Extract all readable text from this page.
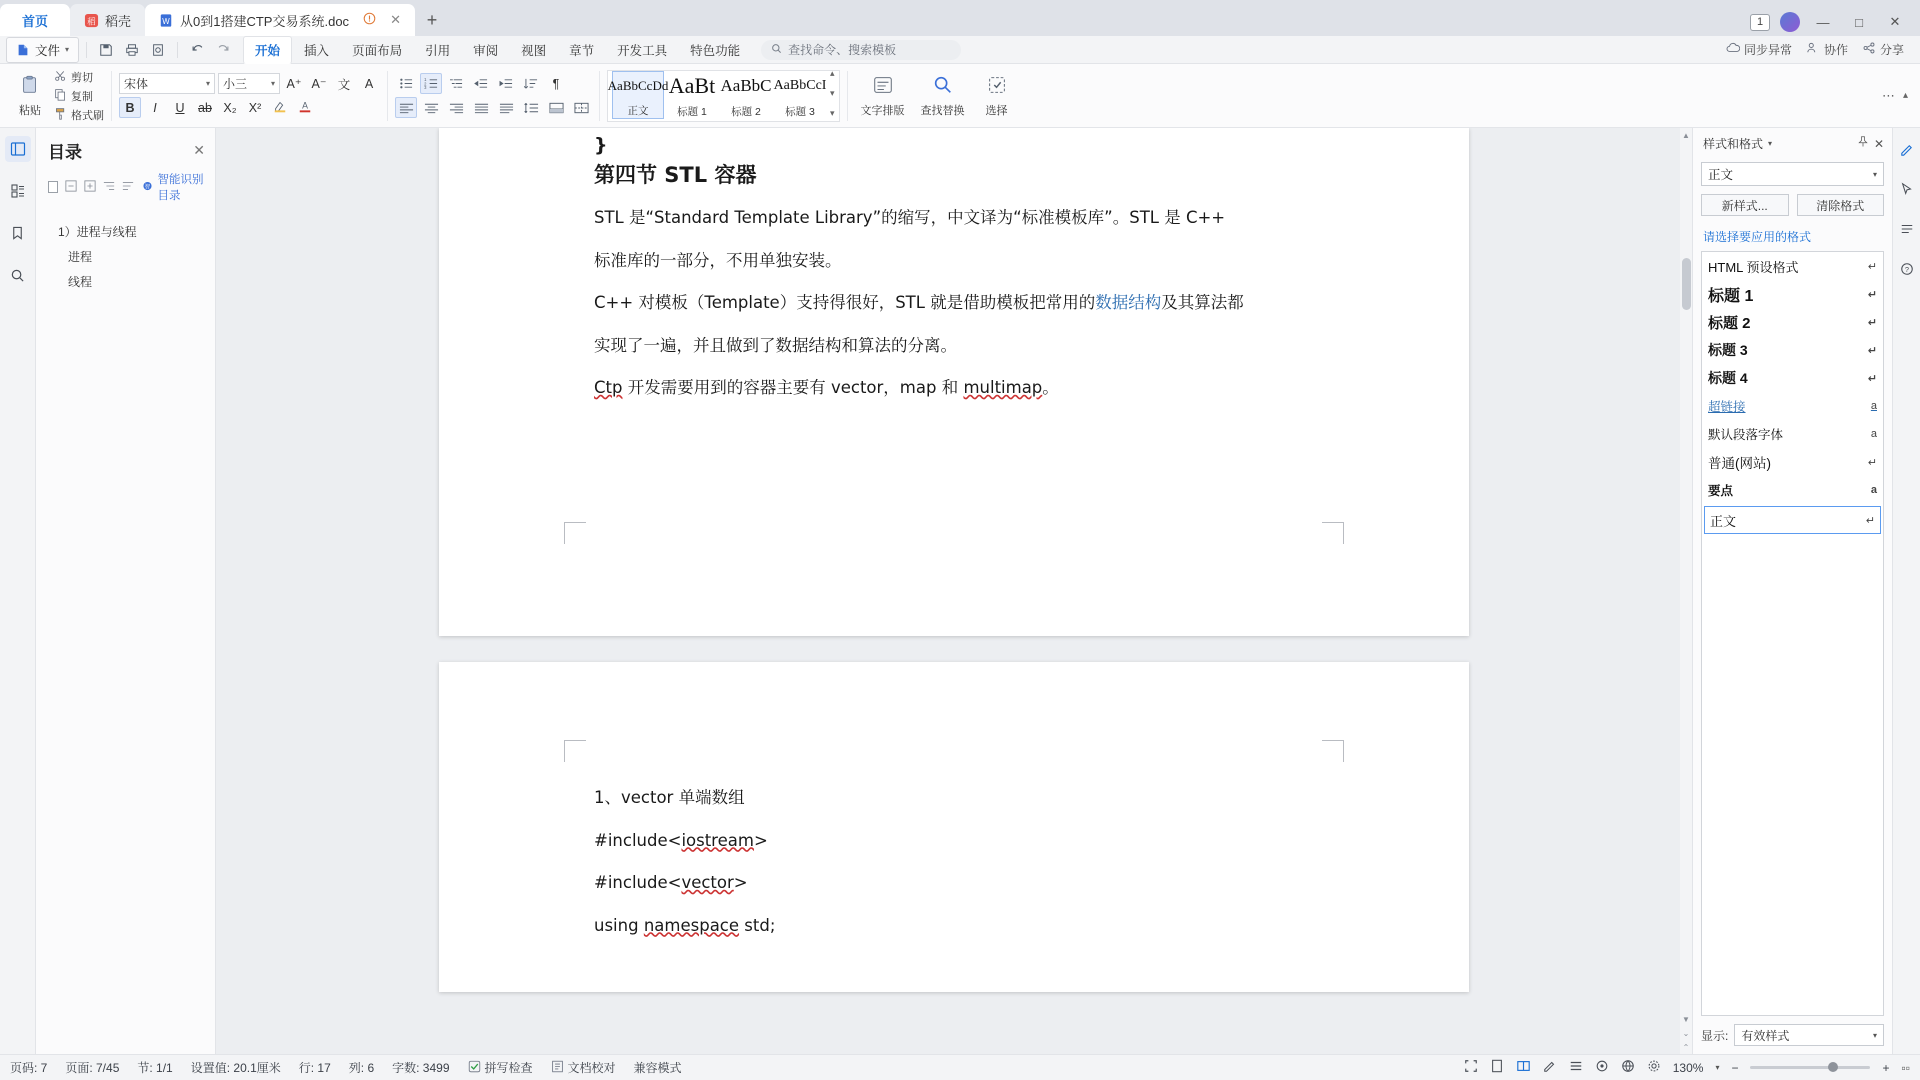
首页	稻 稻壳	W 从0到1搭建CTP交易系统.doc	✕ +	1	—	□	✕
文件 ▾	开始	插入	页面布局	引用	审阅	视图	章节	开发工具	特色功能	查找命令、搜索模板	同步异常	协作	分享
粘贴
剪切
复制
格式刷
宋体	▾ 小三	▾ A⁺ A⁻ 文	A
B	I	U	ab X₂ X²	A
1
2
3	¶	AaBbCcDd
正文
AaBt
标题 1
AaBbC
标题 2
AaBbCcI
标题 3
▴
▾
▾ 文字排版 查找替换 选择
⋯ ▴
目录	✕
智
智能识别目录
1）进程与线程
进程
线程

}

第四节 STL 容器

STL 是“Standard Template Library”的缩写，中文译为“标准模板库”。STL 是 C++

标准库的一部分，不用单独安装。

C++ 对模板（Template）支持得很好，STL 就是借助模板把常用的数据结构及其算法都

实现了一遍，并且做到了数据结构和算法的分离。

Ctp 开发需要用到的容器主要有 vector，map 和 multimap。

1、vector 单端数组

#include<iostream>

#include<vector>

using namespace std;

▲
▼
⌄
⌃
样式和格式 ▾	✕
正文	▾
新样式...	清除格式
请选择要应用的格式
HTML 预设格式	↵
标题 1	↵
标题 2	↵
标题 3	↵
标题 4	↵
超链接	a
默认段落字体	a
普通(网站)	↵
要点	a
正文	↵
显示: 有效样式	▾
?
页码: 7 页面: 7/45 节: 1/1 设置值: 20.1厘米 行: 17 列: 6 字数: 3499	拼写检查	文档校对 兼容模式	130% ▾ −	+ ▫▫
